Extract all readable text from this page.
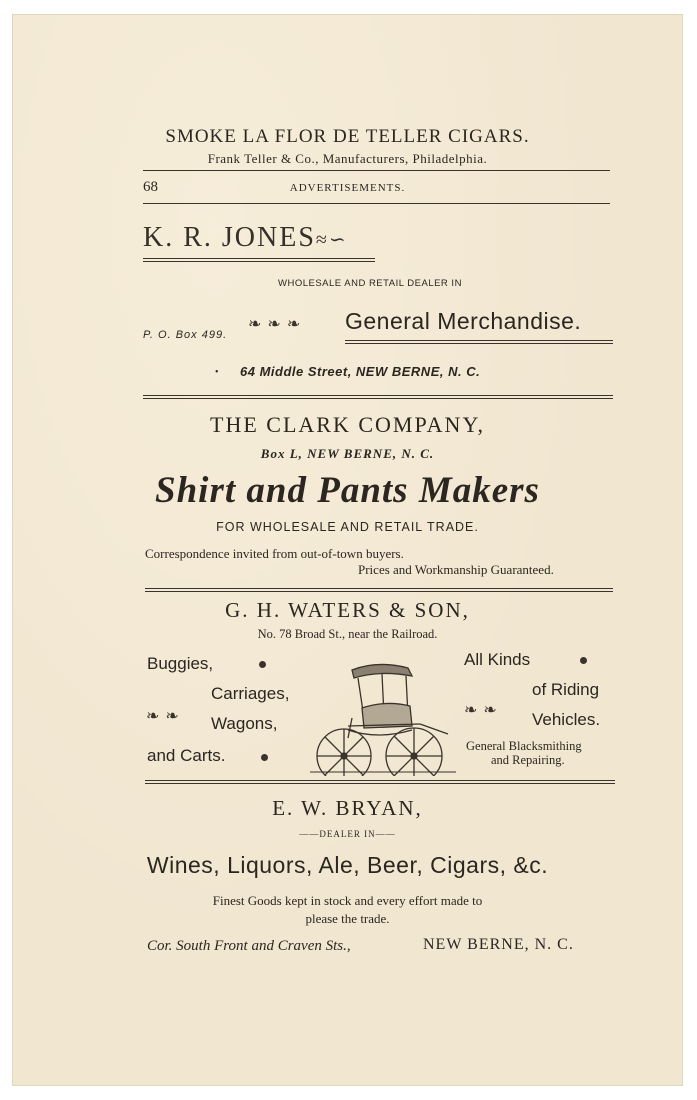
SMOKE LA FLOR DE TELLER CIGARS.
Frank Teller & Co., Manufacturers, Philadelphia.
68	ADVERTISEMENTS.
K. R. JONES≈∽
WHOLESALE AND RETAIL DEALER IN
P. O. Box 499.
❧❧❧ General Merchandise.
• 64 Middle Street, NEW BERNE, N. C.
THE CLARK COMPANY,
Box L, NEW BERNE, N. C.
Shirt and Pants Makers
FOR WHOLESALE AND RETAIL TRADE.
Correspondence invited from out-of-town buyers.
Prices and Workmanship Guaranteed.
G. H. WATERS & SON,
No. 78 Broad St., near the Railroad.
Buggies,
Carriages,
❧❧ Wagons,
and Carts.
All Kinds
of Riding
❧❧ Vehicles.
General Blacksmithing
and Repairing.
E. W. BRYAN,
——DEALER IN——
Wines, Liquors, Ale, Beer, Cigars, &c.
Finest Goods kept in stock and every effort made to
please the trade.
Cor. South Front and Craven Sts.,	NEW BERNE, N. C.
